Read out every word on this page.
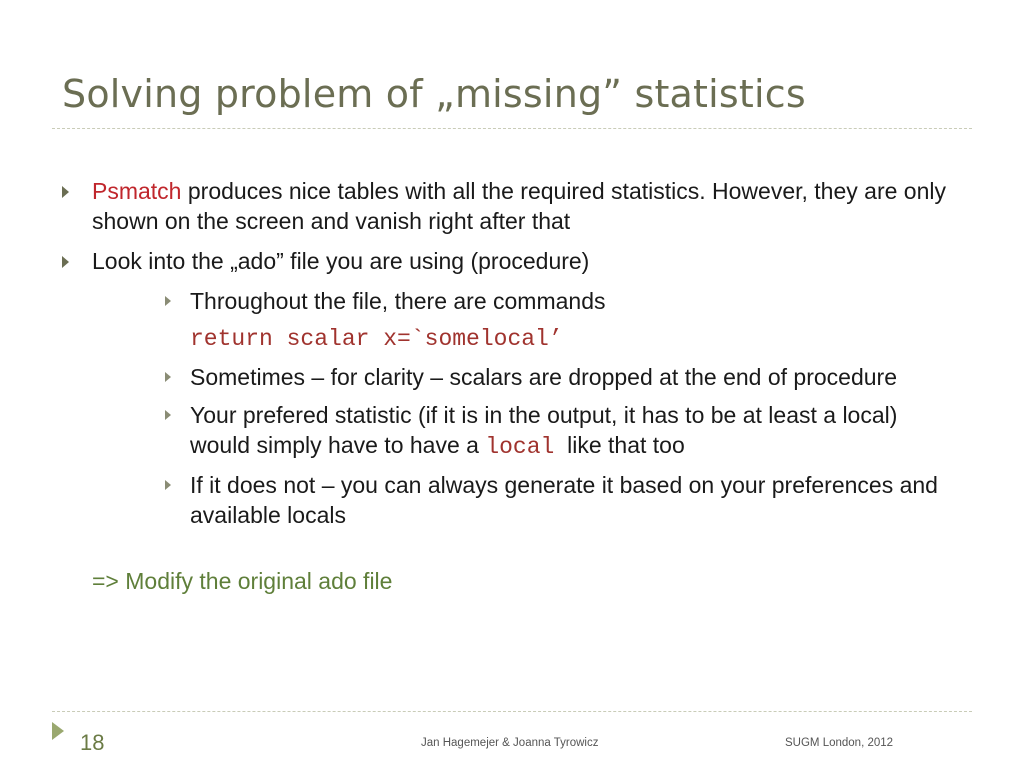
Solving problem of „missing” statistics
Psmatch produces nice tables with all the required statistics. However, they are only shown on the screen and vanish right after that
Look into the „ado” file you are using (procedure)
Throughout the file, there are commands
return scalar x=`somelocal’
Sometimes – for clarity – scalars are dropped at the end of procedure
Your prefered statistic (if it is in the output, it has to be at least a local) would simply have to have a local  like that too
If it does not – you can always generate it based on your preferences and available locals
=> Modify the original ado file
18	Jan Hagemejer & Joanna Tyrowicz	SUGM London, 2012
